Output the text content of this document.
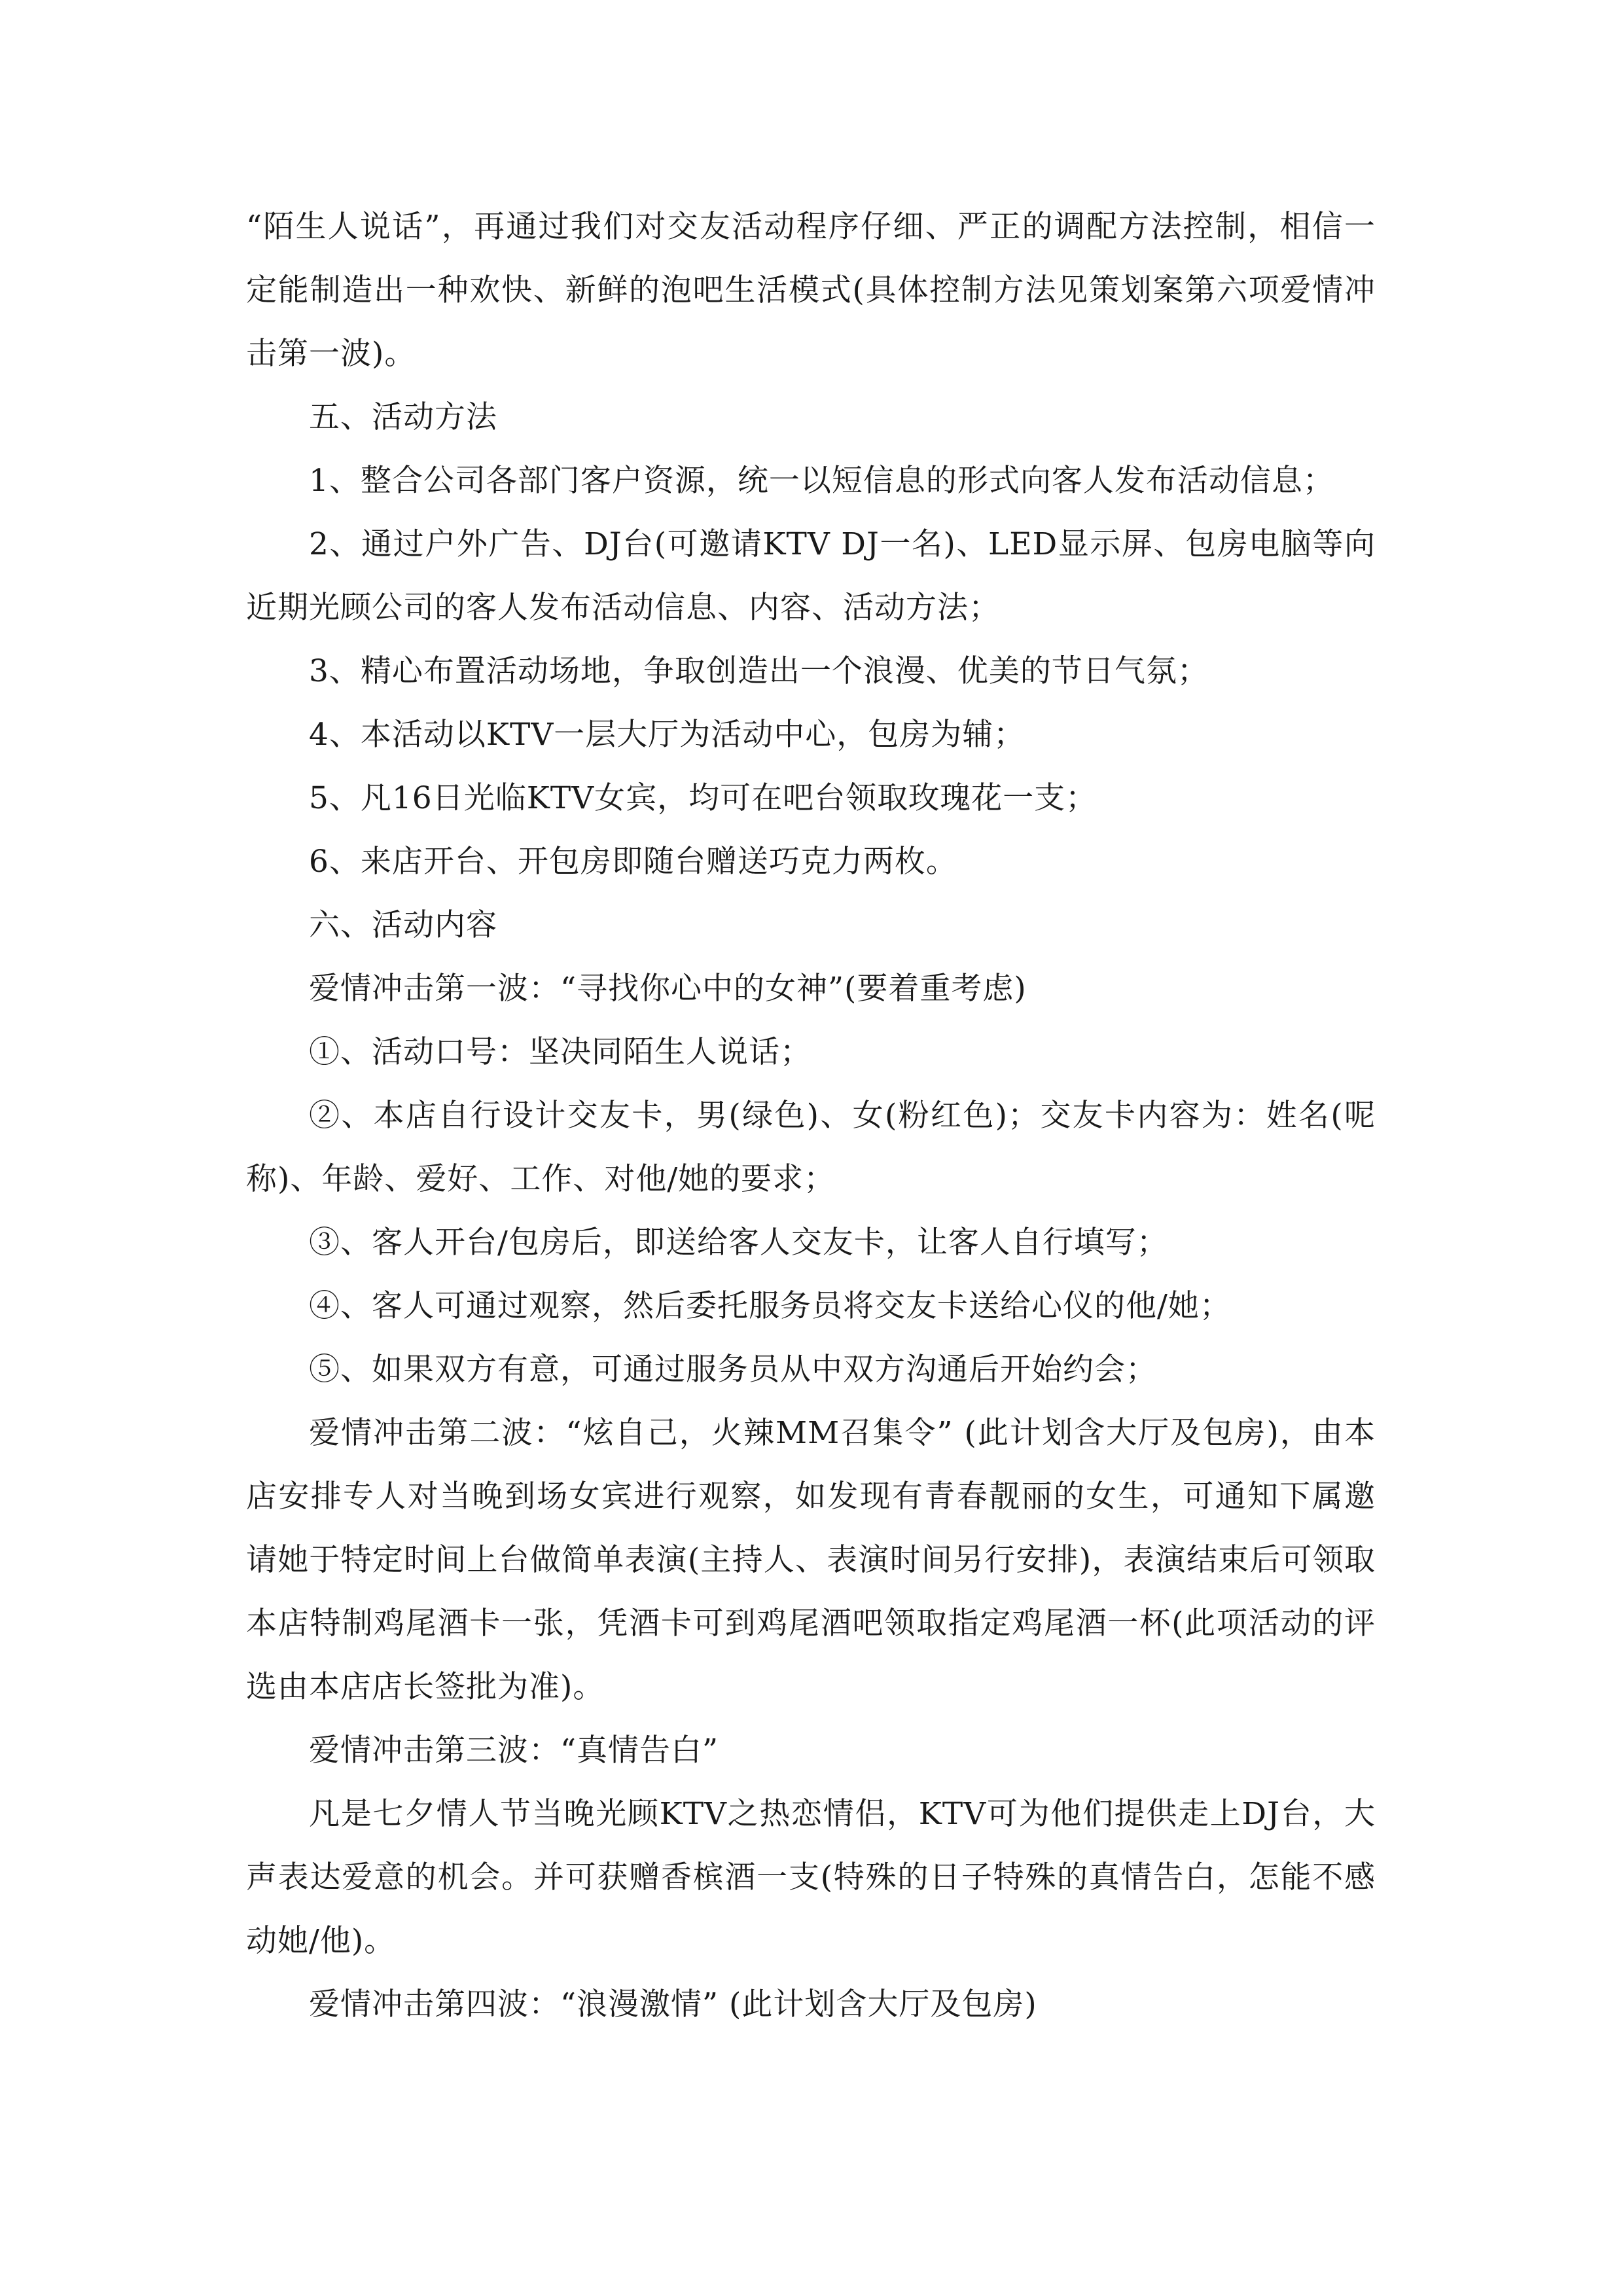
“陌生人说话”，再通过我们对交友活动程序仔细、严正的调配方法控制，相信一定能制造出一种欢快、新鲜的泡吧生活模式(具体控制方法见策划案第六项爱情冲击第一波)。

五、活动方法

1、整合公司各部门客户资源，统一以短信息的形式向客人发布活动信息；

2、通过户外广告、DJ台(可邀请KTV DJ一名)、LED显示屏、包房电脑等向近期光顾公司的客人发布活动信息、内容、活动方法；

3、精心布置活动场地，争取创造出一个浪漫、优美的节日气氛；

4、本活动以KTV一层大厅为活动中心，包房为辅；

5、凡16日光临KTV女宾，均可在吧台领取玫瑰花一支；

6、来店开台、开包房即随台赠送巧克力两枚。

六、活动内容

爱情冲击第一波：“寻找你心中的女神”(要着重考虑)

①、活动口号：坚决同陌生人说话；

②、本店自行设计交友卡，男(绿色)、女(粉红色)；交友卡内容为：姓名(呢称)、年龄、爱好、工作、对他/她的要求；

③、客人开台/包房后，即送给客人交友卡，让客人自行填写；

④、客人可通过观察，然后委托服务员将交友卡送给心仪的他/她；

⑤、如果双方有意，可通过服务员从中双方沟通后开始约会；

爱情冲击第二波：“炫自己，火辣MM召集令” (此计划含大厅及包房)，由本店安排专人对当晚到场女宾进行观察，如发现有青春靓丽的女生，可通知下属邀请她于特定时间上台做简单表演(主持人、表演时间另行安排)，表演结束后可领取本店特制鸡尾酒卡一张，凭酒卡可到鸡尾酒吧领取指定鸡尾酒一杯(此项活动的评选由本店店长签批为准)。

爱情冲击第三波：“真情告白”

凡是七夕情人节当晚光顾KTV之热恋情侣，KTV可为他们提供走上DJ台，大声表达爱意的机会。并可获赠香槟酒一支(特殊的日子特殊的真情告白，怎能不感动她/他)。

爱情冲击第四波：“浪漫激情” (此计划含大厅及包房)
